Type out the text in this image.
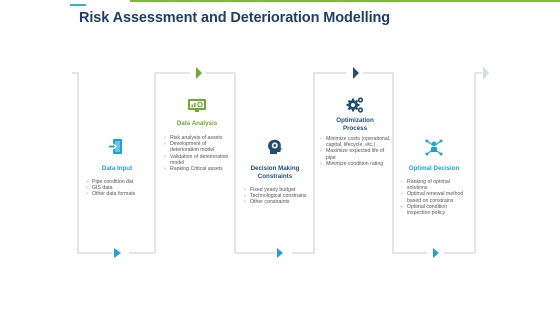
Risk Assessment and Deterioration Modelling
Data Input
› Pipe condition dat
› GIS data
› Other data formats
Data Analysis
› Risk analysis of assets
› Development of deterioration model
› Validation of deterioration model
› Ranking Critical assets	Decision Making Constraints
› Fixed yearly budget
› Technological constrains
› Other constraints
Optimization Process
› Minimize costs (operational, capital, lifecycle, etc.)
› Maximize expected life of pipe
› Minimize condition rating
Optimal Decision
› Ranking of optimal solutions
› Optimal renewal method based on constrains
› Optimal condition inspection policy
